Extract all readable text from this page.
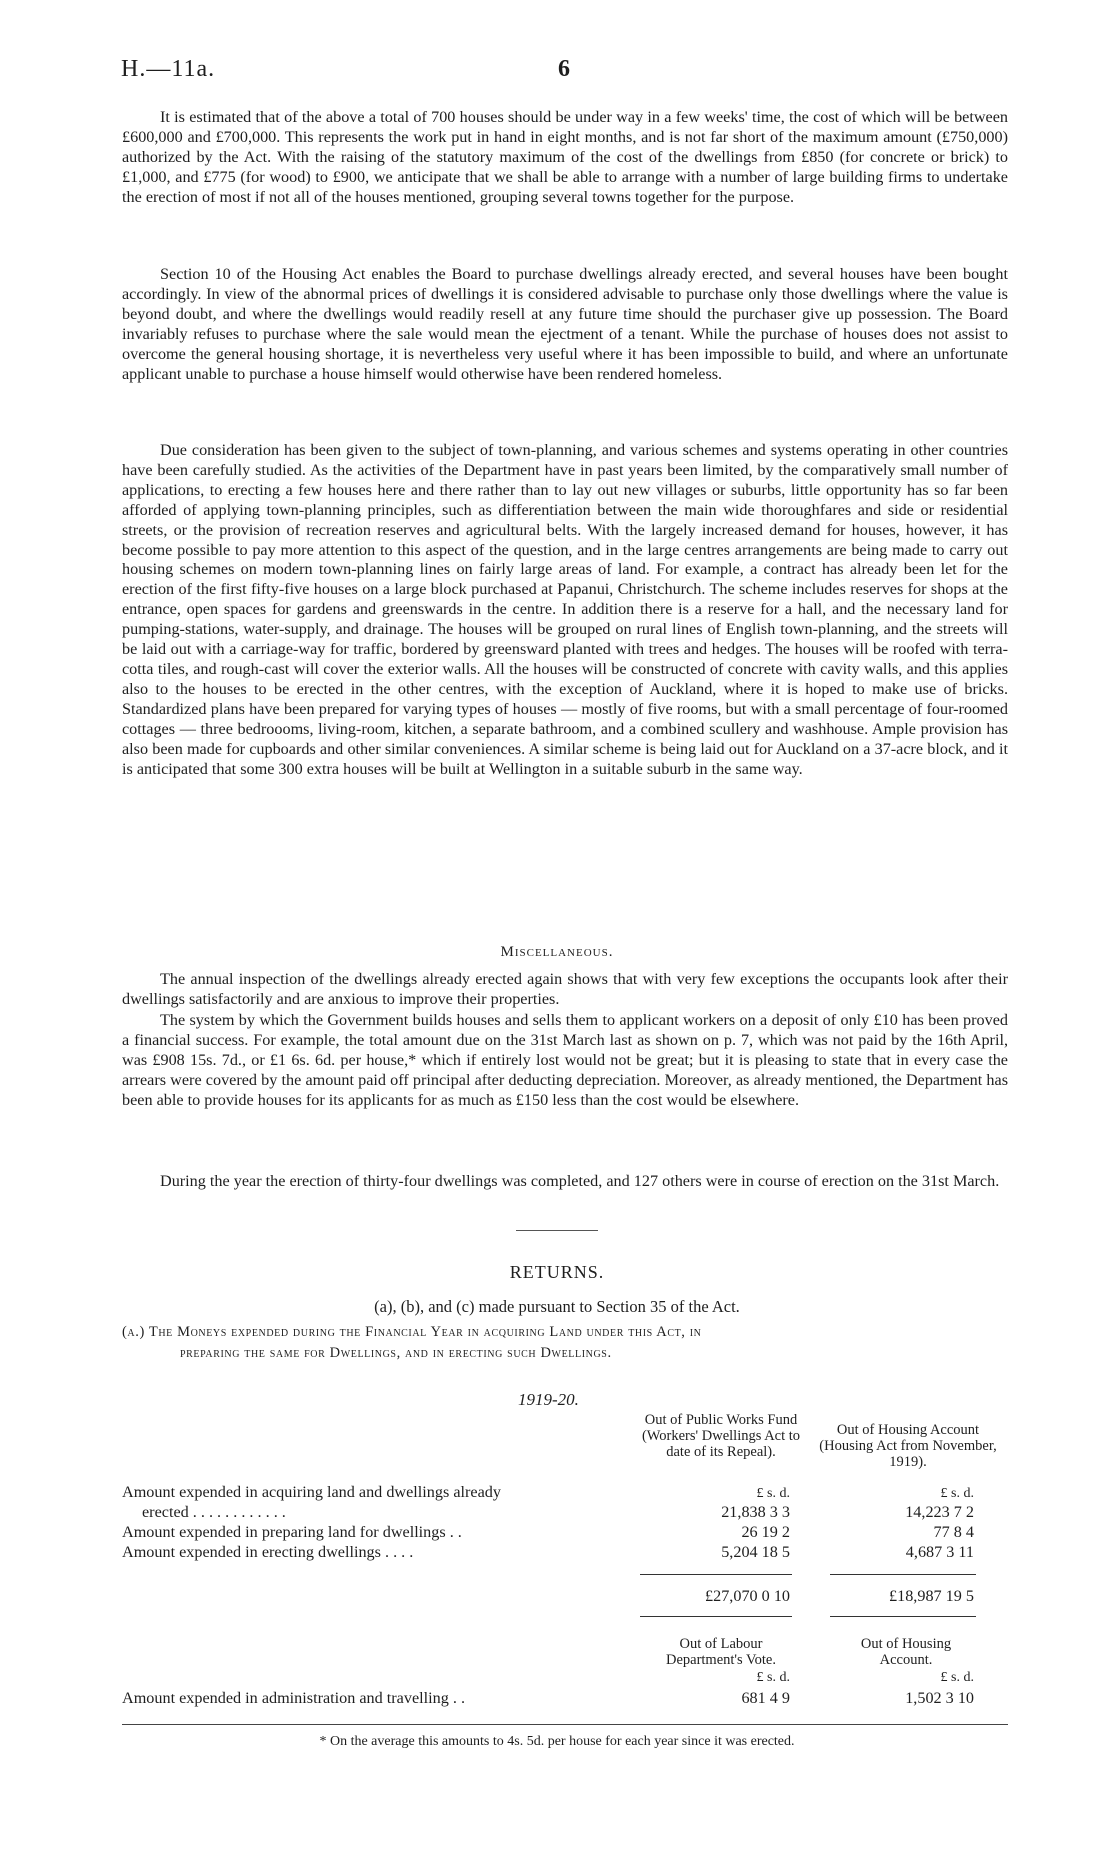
H.—11a.	6

It is estimated that of the above a total of 700 houses should be under way in a few weeks' time, the cost of which will be between £600,000 and £700,000. This represents the work put in hand in eight months, and is not far short of the maximum amount (£750,000) authorized by the Act. With the raising of the statutory maximum of the cost of the dwellings from £850 (for concrete or brick) to £1,000, and £775 (for wood) to £900, we anticipate that we shall be able to arrange with a number of large building firms to undertake the erection of most if not all of the houses mentioned, grouping several towns together for the purpose.

Section 10 of the Housing Act enables the Board to purchase dwellings already erected, and several houses have been bought accordingly. In view of the abnormal prices of dwellings it is considered advisable to purchase only those dwellings where the value is beyond doubt, and where the dwellings would readily resell at any future time should the purchaser give up possession. The Board invariably refuses to purchase where the sale would mean the ejectment of a tenant. While the purchase of houses does not assist to overcome the general housing shortage, it is nevertheless very useful where it has been impossible to build, and where an unfortunate applicant unable to purchase a house himself would otherwise have been rendered homeless.

Due consideration has been given to the subject of town-planning, and various schemes and systems operating in other countries have been carefully studied. As the activities of the Department have in past years been limited, by the comparatively small number of applications, to erecting a few houses here and there rather than to lay out new villages or suburbs, little opportunity has so far been afforded of applying town-planning principles, such as differentiation between the main wide thoroughfares and side or residential streets, or the provision of recreation reserves and agricultural belts. With the largely increased demand for houses, however, it has become possible to pay more attention to this aspect of the question, and in the large centres arrangements are being made to carry out housing schemes on modern town-planning lines on fairly large areas of land. For example, a contract has already been let for the erection of the first fifty-five houses on a large block purchased at Papanui, Christchurch. The scheme includes reserves for shops at the entrance, open spaces for gardens and greenswards in the centre. In addition there is a reserve for a hall, and the necessary land for pumping-stations, water-supply, and drainage. The houses will be grouped on rural lines of English town-planning, and the streets will be laid out with a carriage-way for traffic, bordered by greensward planted with trees and hedges. The houses will be roofed with terra-cotta tiles, and rough-cast will cover the exterior walls. All the houses will be constructed of concrete with cavity walls, and this applies also to the houses to be erected in the other centres, with the exception of Auckland, where it is hoped to make use of bricks. Standardized plans have been prepared for varying types of houses — mostly of five rooms, but with a small percentage of four-roomed cottages — three bedroooms, living-room, kitchen, a separate bathroom, and a combined scullery and washhouse. Ample provision has also been made for cupboards and other similar conveniences. A similar scheme is being laid out for Auckland on a 37-acre block, and it is anticipated that some 300 extra houses will be built at Wellington in a suitable suburb in the same way.

Miscellaneous.

The annual inspection of the dwellings already erected again shows that with very few exceptions the occupants look after their dwellings satisfactorily and are anxious to improve their properties.

The system by which the Government builds houses and sells them to applicant workers on a deposit of only £10 has been proved a financial success. For example, the total amount due on the 31st March last as shown on p. 7, which was not paid by the 16th April, was £908 15s. 7d., or £1 6s. 6d. per house,* which if entirely lost would not be great; but it is pleasing to state that in every case the arrears were covered by the amount paid off principal after deducting depreciation. Moreover, as already mentioned, the Department has been able to provide houses for its applicants for as much as £150 less than the cost would be elsewhere.

During the year the erection of thirty-four dwellings was completed, and 127 others were in course of erection on the 31st March.

RETURNS.
(a), (b), and (c) made pursuant to Section 35 of the Act.
(a.) The Moneys expended during the Financial Year in acquiring Land under this Act, in
preparing the same for Dwellings, and in erecting such Dwellings.
1919-20.
Out of Public Works Fund (Workers' Dwellings Act to date of its Repeal).
Out of Housing Account (Housing Act from November, 1919).
£ s. d.	£ s. d.
Amount expended in acquiring land and dwellings already
erected . . . . . . . . . . . .	21,838 3 3	14,223 7 2
Amount expended in preparing land for dwellings . .	26 19 2	77 8 4
Amount expended in erecting dwellings . . . .	5,204 18 5	4,687 3 11
£27,070 0 10	£18,987 19 5
Out of Labour Department's Vote.
Out of Housing Account.
£ s. d.	£ s. d.
Amount expended in administration and travelling . .	681 4 9	1,502 3 10
* On the average this amounts to 4s. 5d. per house for each year since it was erected.
